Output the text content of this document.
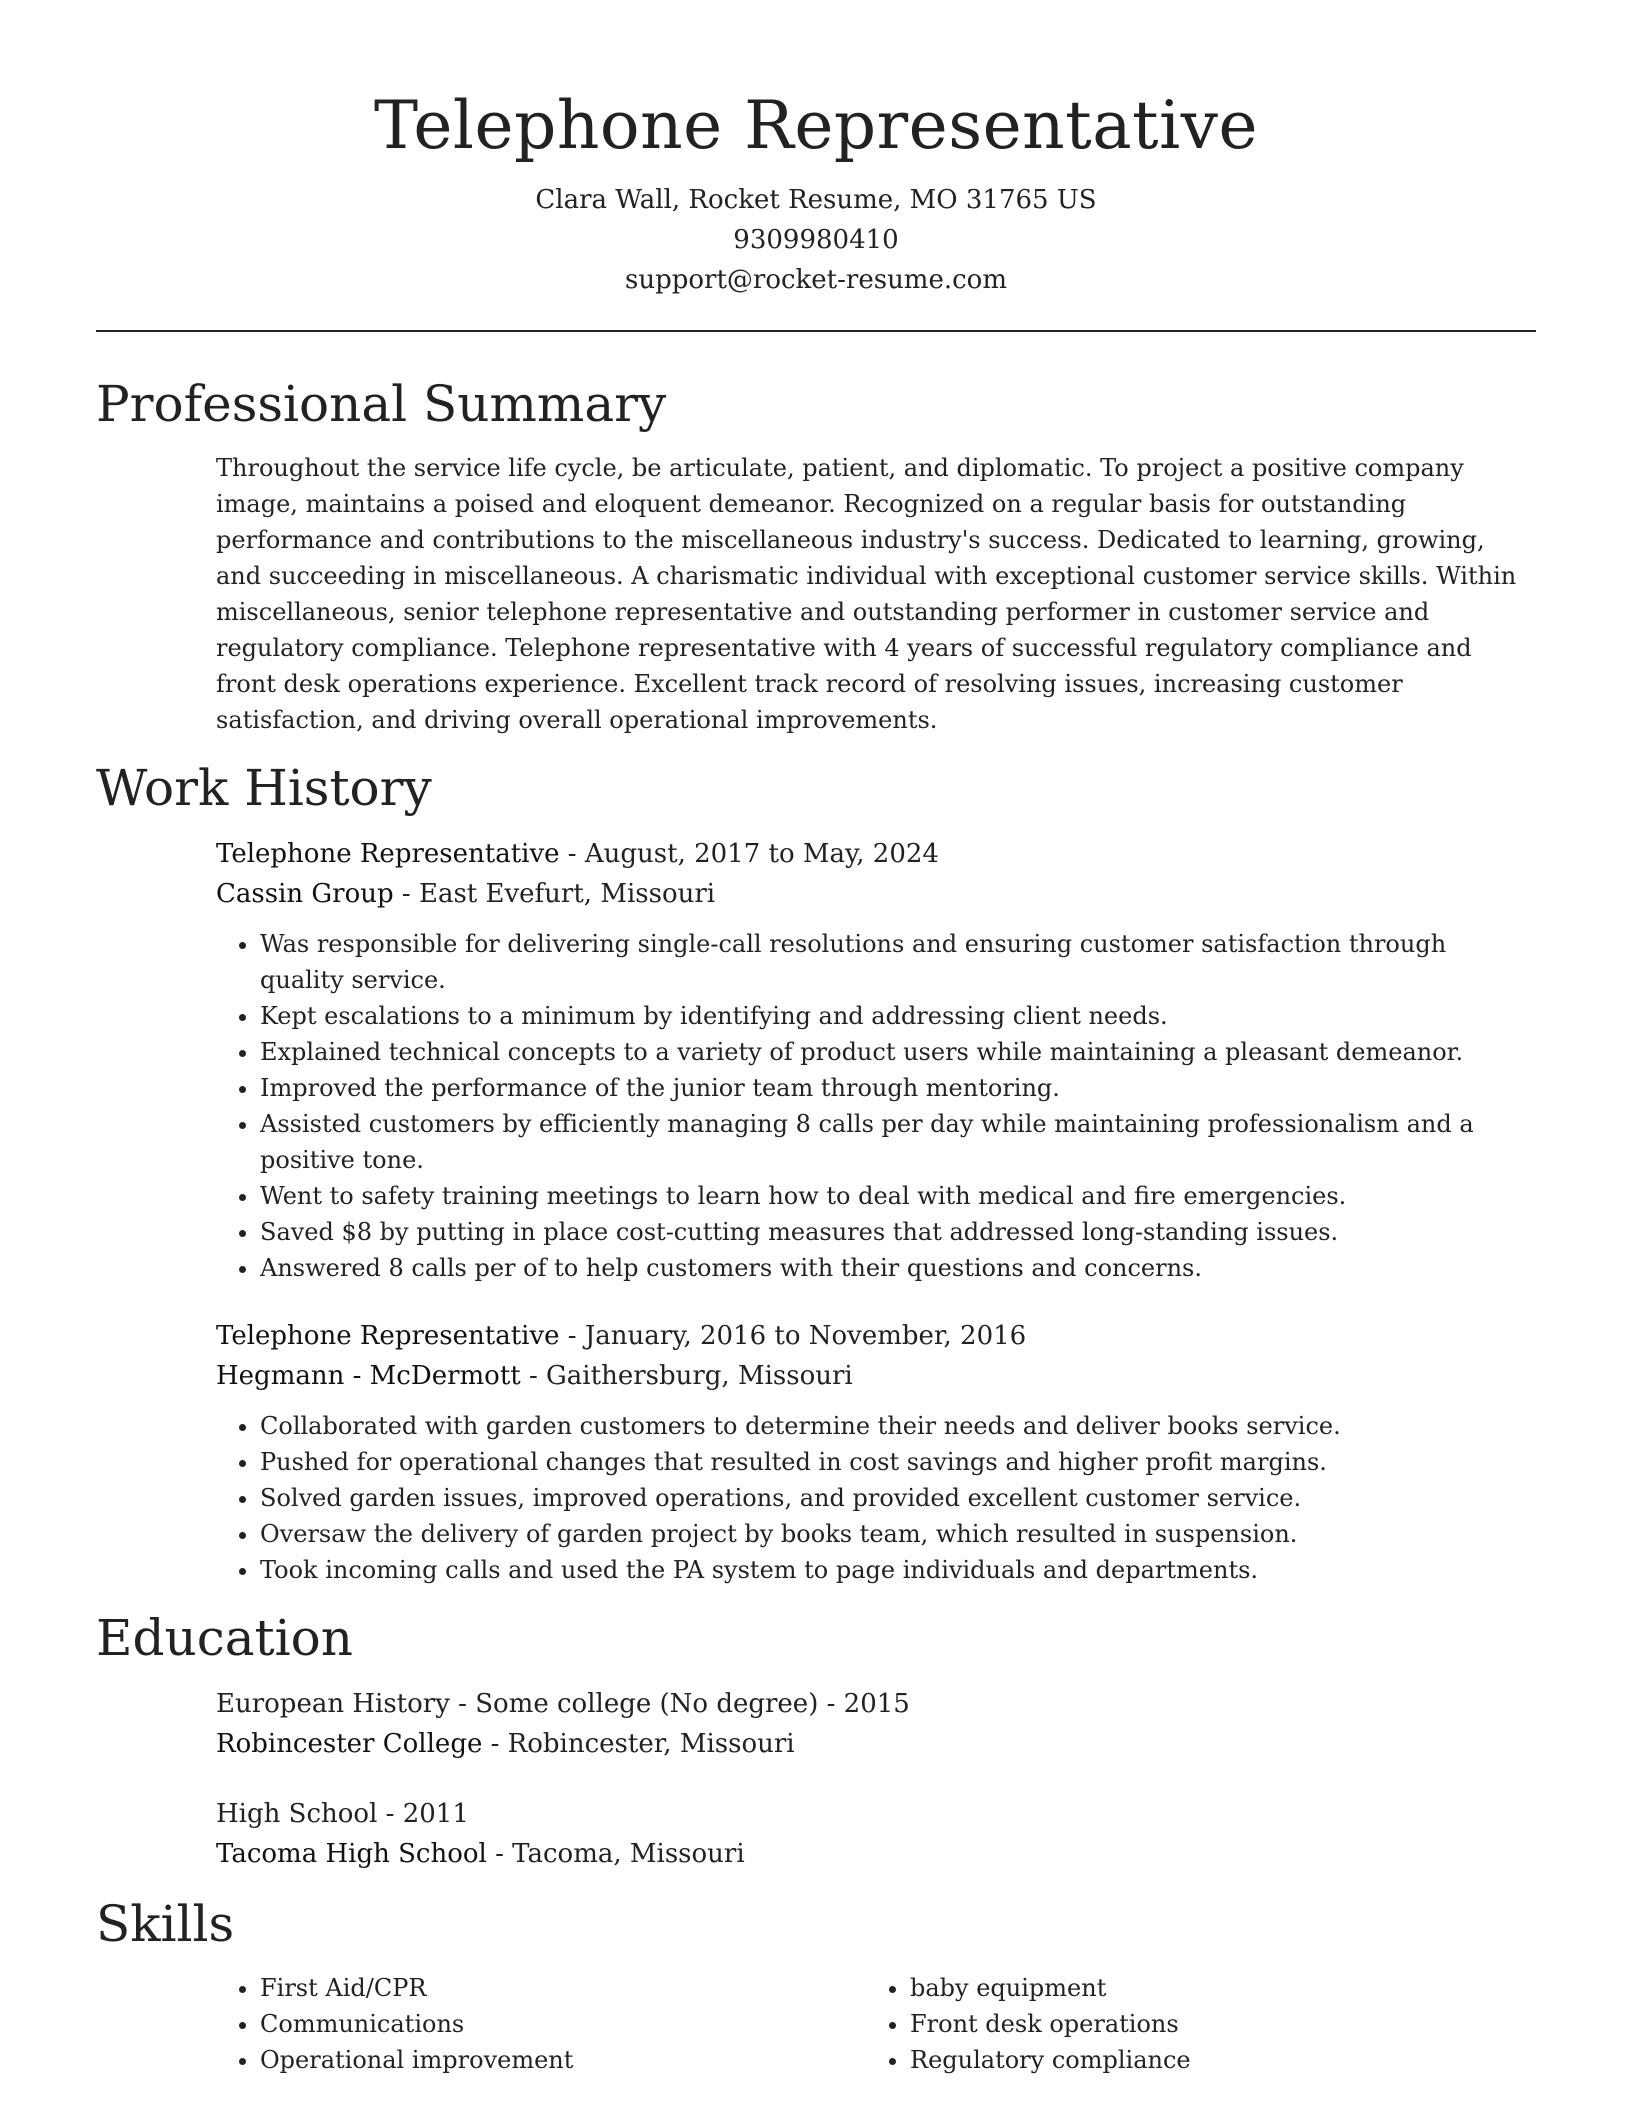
Telephone Representative
Clara Wall, Rocket Resume, MO 31765 US
9309980410
support@rocket-resume.com
Professional Summary

Throughout the service life cycle, be articulate, patient, and diplomatic. To project a positive company image, maintains a poised and eloquent demeanor. Recognized on a regular basis for outstanding performance and contributions to the miscellaneous industry's success. Dedicated to learning, growing, and succeeding in miscellaneous. A charismatic individual with exceptional customer service skills. Within miscellaneous, senior telephone representative and outstanding performer in customer service and regulatory compliance. Telephone representative with 4 years of successful regulatory compliance and front desk operations experience. Excellent track record of resolving issues, increasing customer satisfaction, and driving overall operational improvements.

Work History
Telephone Representative - August, 2017 to May, 2024
Cassin Group - East Evefurt, Missouri
• Was responsible for delivering single-call resolutions and ensuring customer satisfaction through quality service.
• Kept escalations to a minimum by identifying and addressing client needs.
• Explained technical concepts to a variety of product users while maintaining a pleasant demeanor.
• Improved the performance of the junior team through mentoring.
• Assisted customers by efficiently managing 8 calls per day while maintaining professionalism and a positive tone.
• Went to safety training meetings to learn how to deal with medical and fire emergencies.
• Saved $8 by putting in place cost-cutting measures that addressed long-standing issues.
• Answered 8 calls per of to help customers with their questions and concerns.
Telephone Representative - January, 2016 to November, 2016
Hegmann - McDermott - Gaithersburg, Missouri
• Collaborated with garden customers to determine their needs and deliver books service.
• Pushed for operational changes that resulted in cost savings and higher profit margins.
• Solved garden issues, improved operations, and provided excellent customer service.
• Oversaw the delivery of garden project by books team, which resulted in suspension.
• Took incoming calls and used the PA system to page individuals and departments.
Education
European History - Some college (No degree) - 2015
Robincester College - Robincester, Missouri
High School - 2011
Tacoma High School - Tacoma, Missouri
Skills
• First Aid/CPR
• Communications
• Operational improvement
• baby equipment
• Front desk operations
• Regulatory compliance
